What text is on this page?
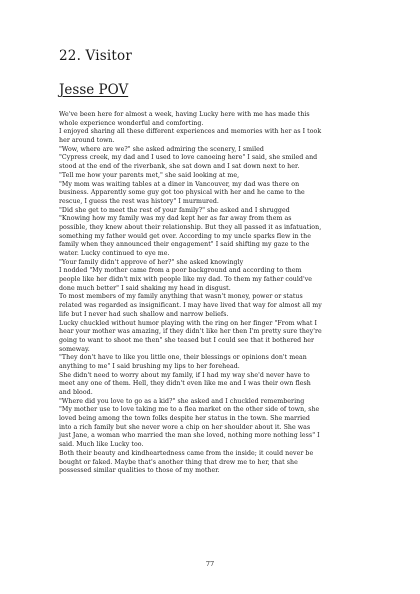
22. Visitor
Jesse POV

We've been here for almost a week, having Lucky here with me has made this

whole experience wonderful and comforting.

I enjoyed sharing all these different experiences and memories with her as I took

her around town.

"Wow, where are we?" she asked admiring the scenery, I smiled

"Cypress creek, my dad and I used to love canoeing here" I said, she smiled and

stood at the end of the riverbank, she sat down and I sat down next to her.

"Tell me how your parents met," she said looking at me,

"My mom was waiting tables at a diner in Vancouver, my dad was there on

business. Apparently some guy got too physical with her and he came to the

rescue, I guess the rest was history" I murmured.

"Did she get to meet the rest of your family?" she asked and I shrugged

"Knowing how my family was my dad kept her as far away from them as

possible, they knew about their relationship. But they all passed it as infatuation,

something my father would get over. According to my uncle sparks flew in the

family when they announced their engagement" I said shifting my gaze to the

water. Lucky continued to eye me.

"Your family didn't approve of her?" she asked knowingly

I nodded "My mother came from a poor background and according to them

people like her didn't mix with people like my dad. To them my father could've

done much better" I said shaking my head in disgust.

To most members of my family anything that wasn't money, power or status

related was regarded as insignificant. I may have lived that way for almost all my

life but I never had such shallow and narrow beliefs.

Lucky chuckled without humor playing with the ring on her finger "From what I

hear your mother was amazing, if they didn't like her then I'm pretty sure they're

going to want to shoot me then" she teased but I could see that it bothered her

someway.

"They don't have to like you little one, their blessings or opinions don't mean

anything to me" I said brushing my lips to her forehead.

She didn't need to worry about my family, if I had my way she'd never have to

meet any one of them. Hell, they didn't even like me and I was their own flesh

and blood.

"Where did you love to go as a kid?" she asked and I chuckled remembering

"My mother use to love taking me to a flea market on the other side of town, she

loved being among the town folks despite her status in the town. She married

into a rich family but she never wore a chip on her shoulder about it. She was

just Jane, a woman who married the man she loved, nothing more nothing less" I

said. Much like Lucky too.

Both their beauty and kindheartedness came from the inside; it could never be

bought or faked. Maybe that's another thing that drew me to her, that she

possessed similar qualities to those of my mother.

77
